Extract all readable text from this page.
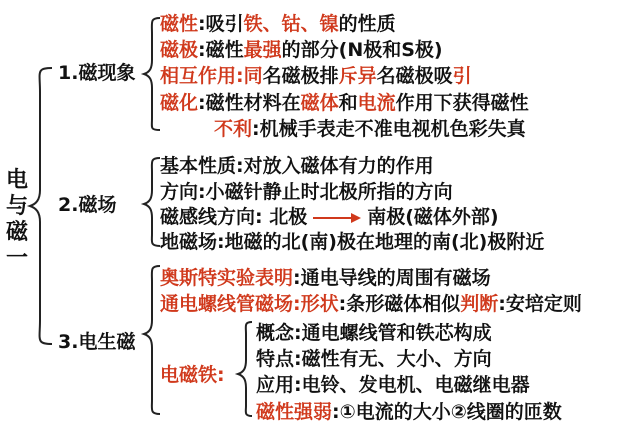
电
与
磁
一
1.磁现象
2.磁场
3.电生磁
磁性:吸引铁、钴、镍的性质
磁极:磁性最强的部分(N极和S极)
相互作用:同名磁极排斥异名磁极吸引
磁化:磁性材料在磁体和电流作用下获得磁性
不利:机械手表走不准电视机色彩失真
基本性质:对放入磁体有力的作用
方向:小磁针静止时北极所指的方向
磁感线方向: 北极	南极(磁体外部)
地磁场:地磁的北(南)极在地理的南(北)极附近
奥斯特实验表明:通电导线的周围有磁场
通电螺线管磁场:形状:条形磁体相似判断:安培定则
电磁铁:
概念:通电螺线管和铁芯构成
特点:磁性有无、大小、方向
应用:电铃、发电机、电磁继电器
磁性强弱:①电流的大小②线圈的匝数
